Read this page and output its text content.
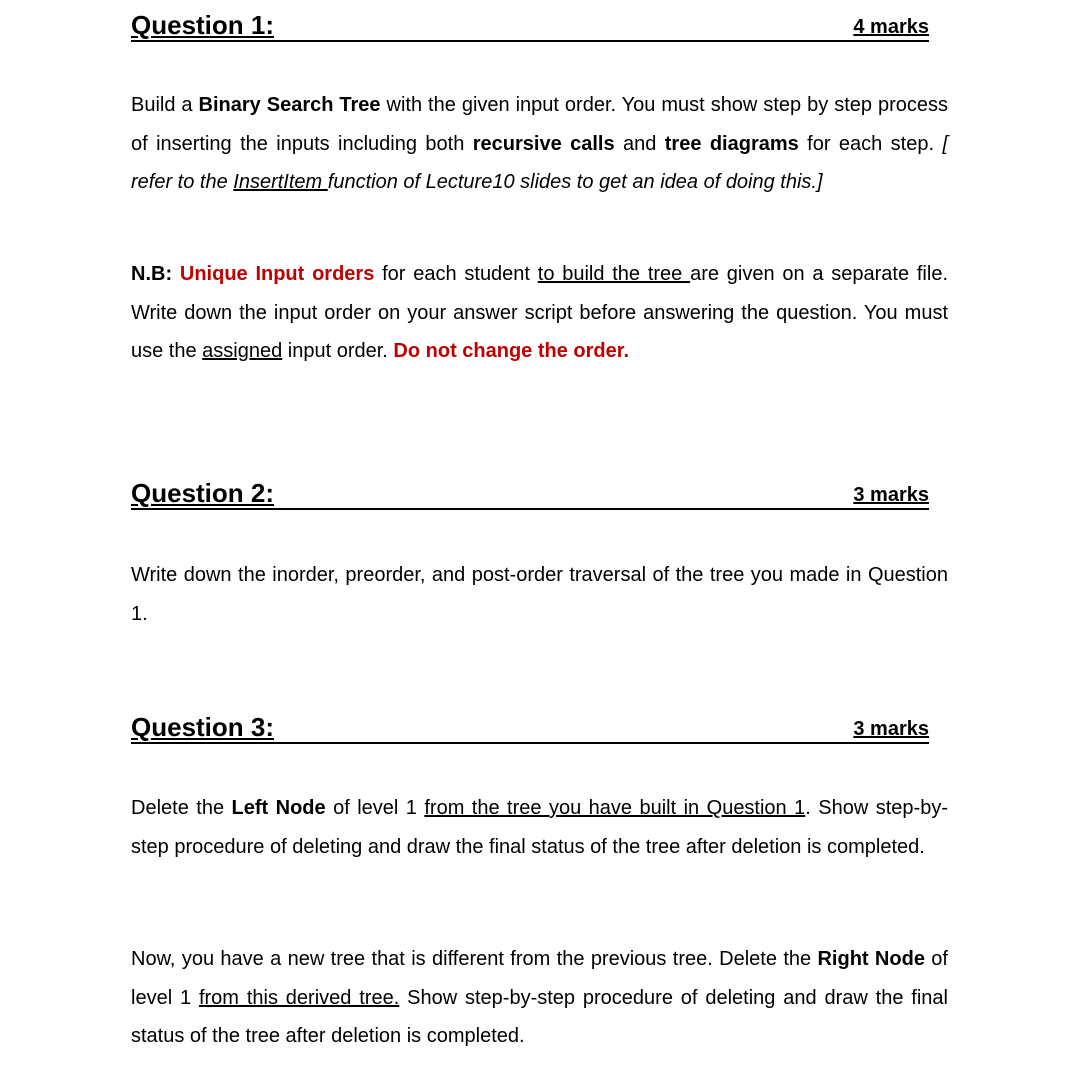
Question 1:	4 marks

Build a Binary Search Tree with the given input order. You must show step by step process of inserting the inputs including both recursive calls and tree diagrams for each step. [ refer to the InsertItem function of Lecture10 slides to get an idea of doing this.]

N.B: Unique Input orders for each student to build the tree are given on a separate file. Write down the input order on your answer script before answering the question. You must use the assigned input order. Do not change the order.

Question 2:	3 marks

Write down the inorder, preorder, and post-order traversal of the tree you made in Question 1.

Question 3:	3 marks

Delete the Left Node of level 1 from the tree you have built in Question 1. Show step-by-step procedure of deleting and draw the final status of the tree after deletion is completed.

Now, you have a new tree that is different from the previous tree. Delete the Right Node of level 1 from this derived tree. Show step-by-step procedure of deleting and draw the final status of the tree after deletion is completed.
